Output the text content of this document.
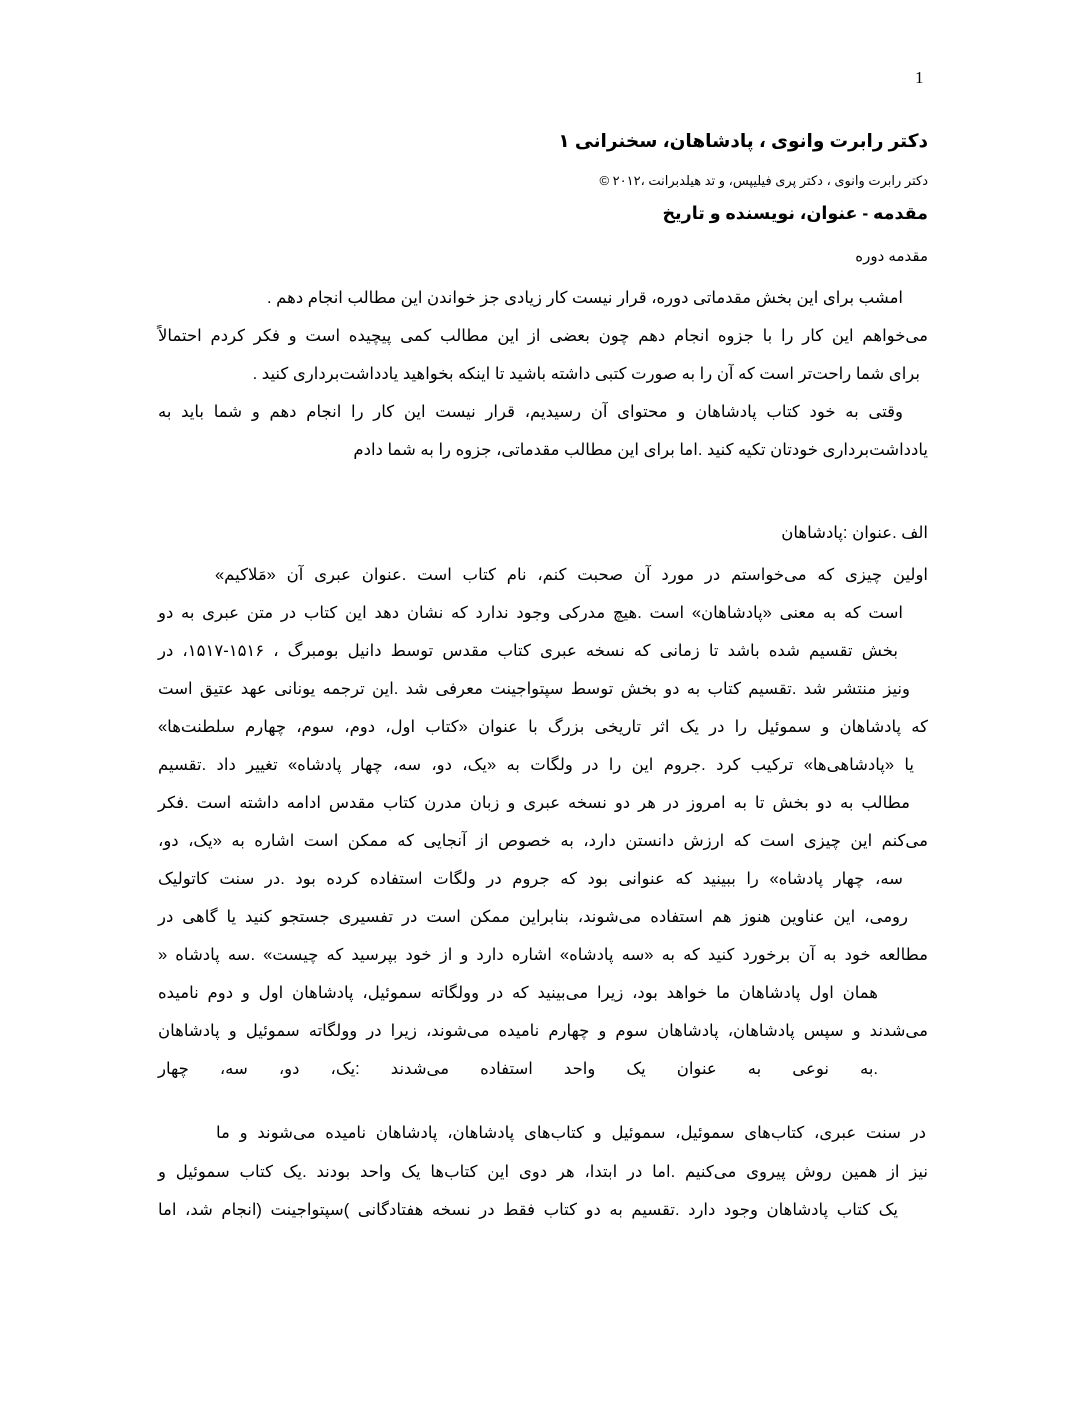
1
دکتر رابرت وانوی ، پادشاهان، سخنرانی ۱
دکتر رابرت وانوی ، دکتر پری فیلیپس، و تد هیلدبرانت ،۲۰۱۲ ©
مقدمه - عنوان، نویسنده و تاریخ
مقدمه دوره
امشب برای این بخش مقدماتی دوره، قرار نیست کار زیادی جز خواندن این مطالب انجام دهم .
می‌خواهم این کار را با جزوه انجام دهم چون بعضی از این مطالب کمی پیچیده است و فکر کردم احتمالاً
برای شما راحت‌تر است که آن را به صورت کتبی داشته باشید تا اینکه بخواهید یادداشت‌برداری کنید .
وقتی به خود کتاب پادشاهان و محتوای آن رسیدیم، قرار نیست این کار را انجام دهم و شما باید به
یادداشت‌برداری خودتان تکیه کنید .اما برای این مطالب مقدماتی، جزوه را به شما دادم
الف .عنوان :پادشاهان
اولین چیزی که می‌خواستم در مورد آن صحبت کنم، نام کتاب است .عنوان عبری آن «مَلاکیم»
است که به معنی «پادشاهان» است .هیچ مدرکی وجود ندارد که نشان دهد این کتاب در متن عبری به دو
بخش تقسیم شده باشد تا زمانی که نسخه عبری کتاب مقدس توسط دانیل بومبرگ ، ۱۵۱۶-۱۵۱۷، در
ونیز منتشر شد .تقسیم کتاب به دو بخش توسط سپتواجینت معرفی شد .این ترجمه یونانی عهد عتیق است
که پادشاهان و سموئیل را در یک اثر تاریخی بزرگ با عنوان «کتاب اول، دوم، سوم، چهارم سلطنت‌ها»
یا «پادشاهی‌ها» ترکیب کرد .جروم این را در ولگات به «یک، دو، سه، چهار پادشاه» تغییر داد .تقسیم
مطالب به دو بخش تا به امروز در هر دو نسخه عبری و زبان مدرن کتاب مقدس ادامه داشته است .فکر
می‌کنم این چیزی است که ارزش دانستن دارد، به خصوص از آنجایی که ممکن است اشاره به «یک، دو،
سه، چهار پادشاه» را ببینید که عنوانی بود که جروم در ولگات استفاده کرده بود .در سنت کاتولیک
رومی، این عناوین هنوز هم استفاده می‌شوند، بنابراین ممکن است در تفسیری جستجو کنید یا گاهی در
مطالعه خود به آن برخورد کنید که به «سه پادشاه» اشاره دارد و از خود بپرسید که چیست» .سه پادشاه «
همان اول پادشاهان ما خواهد بود، زیرا می‌بینید که در وولگاته سموئیل، پادشاهان اول و دوم نامیده
می‌شدند و سپس پادشاهان، پادشاهان سوم و چهارم نامیده می‌شوند، زیرا در وولگاته سموئیل و پادشاهان
.به نوعی به عنوان یک واحد استفاده می‌شدند :یک، دو، سه، چهار
در سنت عبری، کتاب‌های سموئیل، سموئیل و کتاب‌های پادشاهان، پادشاهان نامیده می‌شوند و ما
نیز از همین روش پیروی می‌کنیم .اما در ابتدا، هر دوی این کتاب‌ها یک واحد بودند .یک کتاب سموئیل و
یک کتاب پادشاهان وجود دارد .تقسیم به دو کتاب فقط در نسخه هفتادگانی )سپتواجینت (انجام شد، اما
